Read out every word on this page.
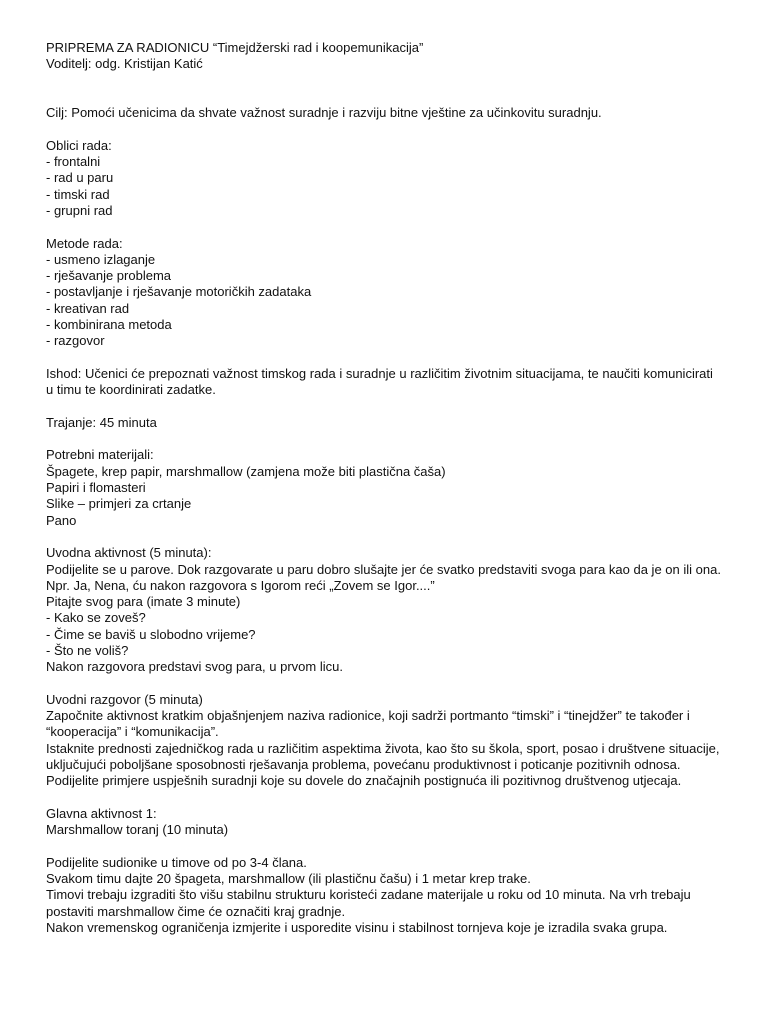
PRIPREMA ZA RADIONICU “Timejdžerski rad i koopemunikacija”
Voditelj: odg. Kristijan Katić
Cilj: Pomoći učenicima da shvate važnost suradnje i razviju bitne vještine za učinkovitu suradnju.
Oblici rada:
- frontalni
- rad u paru
- timski rad
- grupni rad
Metode rada:
- usmeno izlaganje
- rješavanje problema
- postavljanje i rješavanje motoričkih zadataka
- kreativan rad
- kombinirana metoda
- razgovor
Ishod: Učenici će prepoznati važnost timskog rada i suradnje u različitim životnim situacijama, te naučiti komunicirati
u timu te koordinirati zadatke.
Trajanje: 45 minuta
Potrebni materijali:
Špagete, krep papir, marshmallow (zamjena može biti plastična čaša)
Papiri i flomasteri
Slike – primjeri za crtanje
Pano
Uvodna aktivnost (5 minuta):
Podijelite se u parove. Dok razgovarate u paru dobro slušajte jer će svatko predstaviti svoga para kao da je on ili ona.
Npr. Ja, Nena, ću nakon razgovora s Igorom reći „Zovem se Igor....”
Pitajte svog para (imate 3 minute)
- Kako se zoveš?
- Čime se baviš u slobodno vrijeme?
- Što ne voliš?
Nakon razgovora predstavi svog para, u prvom licu.
Uvodni razgovor (5 minuta)
Započnite aktivnost kratkim objašnjenjem naziva radionice, koji sadrži portmanto “timski” i “tinejdžer” te također i
“kooperacija” i “komunikacija”.
Istaknite prednosti zajedničkog rada u različitim aspektima života, kao što su škola, sport, posao i društvene situacije,
uključujući poboljšane sposobnosti rješavanja problema, povećanu produktivnost i poticanje pozitivnih odnosa.
Podijelite primjere uspješnih suradnji koje su dovele do značajnih postignuća ili pozitivnog društvenog utjecaja.
Glavna aktivnost 1:
Marshmallow toranj (10 minuta)
Podijelite sudionike u timove od po 3-4 člana.
Svakom timu dajte 20 špageta, marshmallow (ili plastičnu čašu) i 1 metar krep trake.
Timovi trebaju izgraditi što višu stabilnu strukturu koristeći zadane materijale u roku od 10 minuta. Na vrh trebaju
postaviti marshmallow čime će označiti kraj gradnje.
Nakon vremenskog ograničenja izmjerite i usporedite visinu i stabilnost tornjeva koje je izradila svaka grupa.
